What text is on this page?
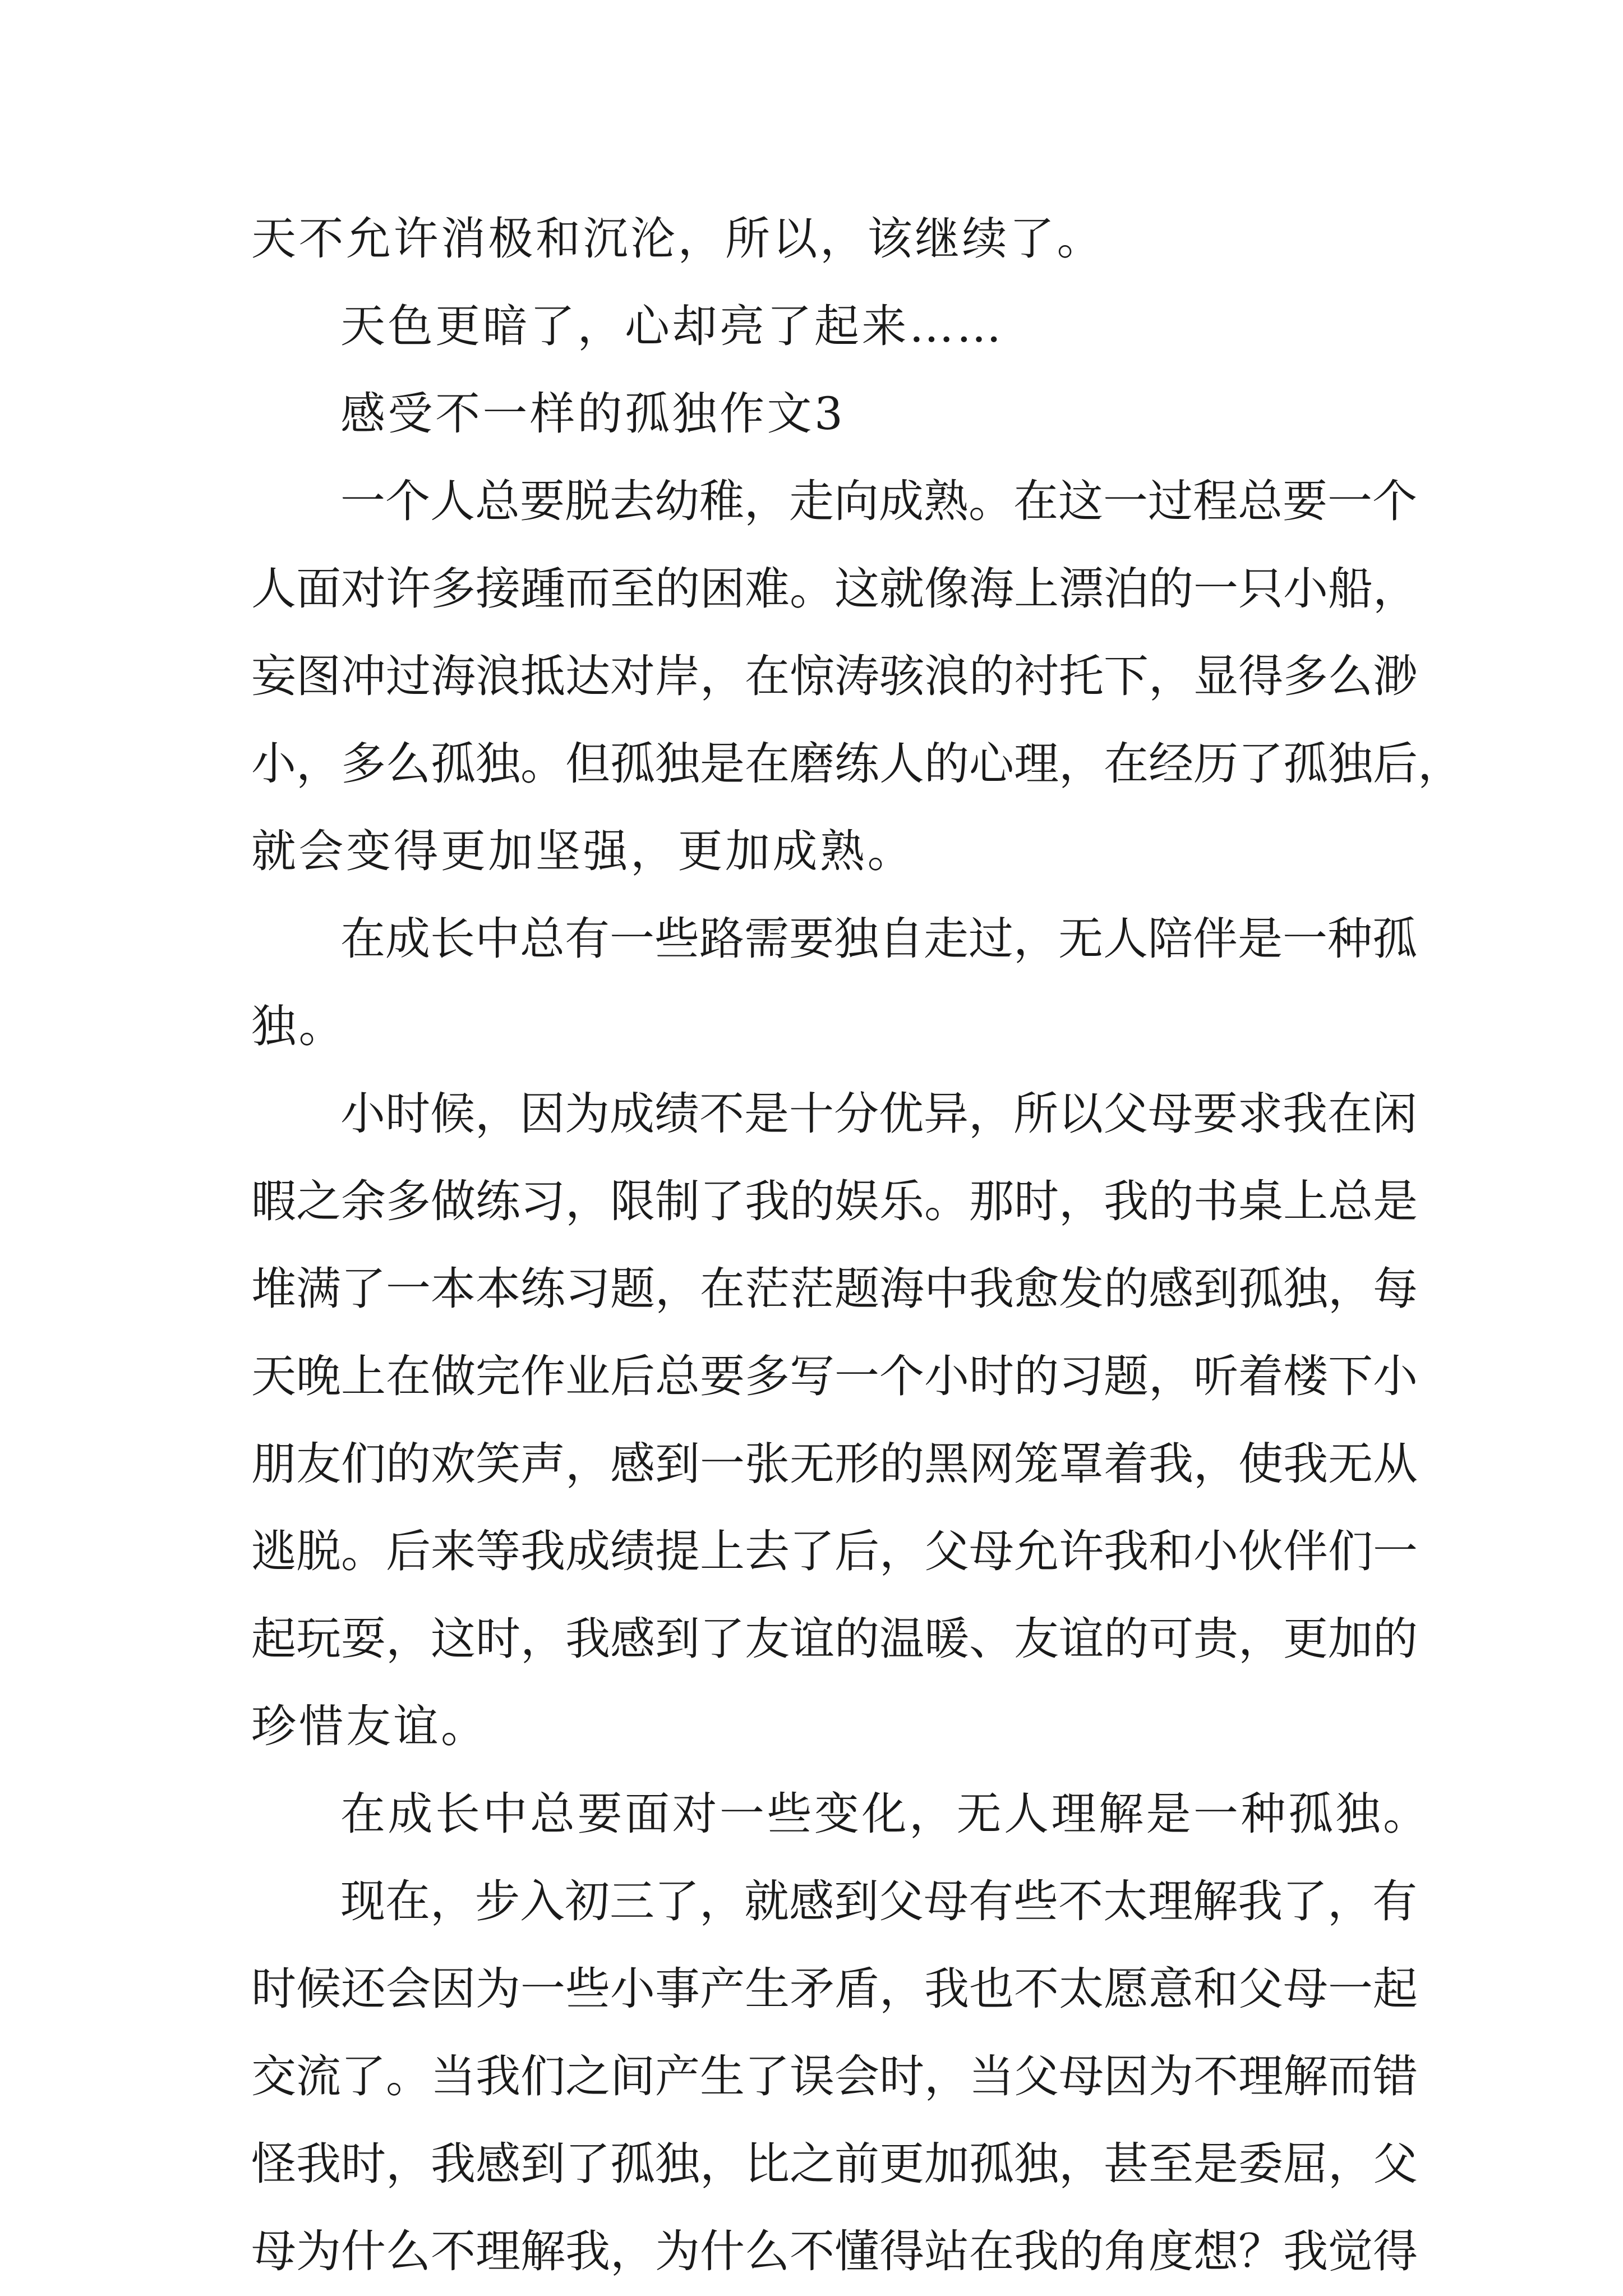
天不允许消极和沉沦，所以，该继续了。

天色更暗了，心却亮了起来……

感受不一样的孤独作文3

一个人总要脱去幼稚，走向成熟。在这一过程总要一个

人面对许多接踵而至的困难。这就像海上漂泊的一只小船，

妄图冲过海浪抵达对岸，在惊涛骇浪的衬托下，显得多么渺

小，多么孤独。但孤独是在磨练人的心理，在经历了孤独后，

就会变得更加坚强，更加成熟。

在成长中总有一些路需要独自走过，无人陪伴是一种孤

独。

小时候，因为成绩不是十分优异，所以父母要求我在闲

暇之余多做练习，限制了我的娱乐。那时，我的书桌上总是

堆满了一本本练习题，在茫茫题海中我愈发的感到孤独，每

天晚上在做完作业后总要多写一个小时的习题，听着楼下小

朋友们的欢笑声，感到一张无形的黑网笼罩着我，使我无从

逃脱。后来等我成绩提上去了后，父母允许我和小伙伴们一

起玩耍，这时，我感到了友谊的温暖、友谊的可贵，更加的

珍惜友谊。

在成长中总要面对一些变化，无人理解是一种孤独。

现在，步入初三了，就感到父母有些不太理解我了，有

时候还会因为一些小事产生矛盾，我也不太愿意和父母一起

交流了。当我们之间产生了误会时，当父母因为不理解而错

怪我时，我感到了孤独，比之前更加孤独，甚至是委屈，父

母为什么不理解我，为什么不懂得站在我的角度想？我觉得
